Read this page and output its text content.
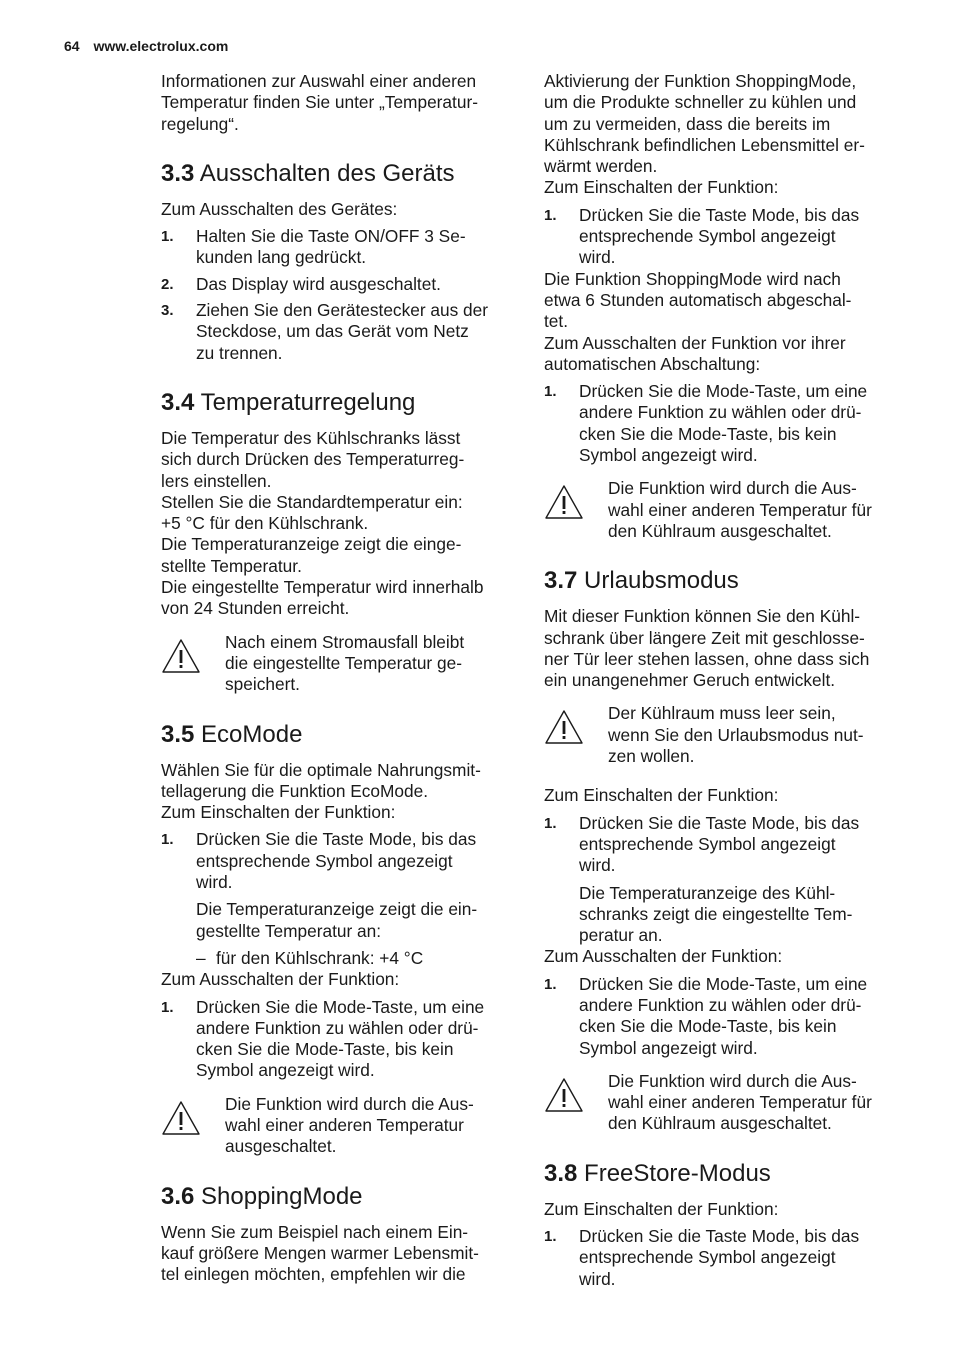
64 www.electrolux.com
Informationen zur Auswahl einer anderen
Temperatur finden Sie unter „Temperatur-
regelung“.
3.3 Ausschalten des Geräts
Zum Ausschalten des Gerätes:
1.	Halten Sie die Taste ON/OFF 3 Se-
kunden lang gedrückt.
2.	Das Display wird ausgeschaltet.
3.	Ziehen Sie den Gerätestecker aus der
Steckdose, um das Gerät vom Netz
zu trennen.
3.4 Temperaturregelung
Die Temperatur des Kühlschranks lässt
sich durch Drücken des Temperaturreg-
lers einstellen.
Stellen Sie die Standardtemperatur ein:
+5 °C für den Kühlschrank.
Die Temperaturanzeige zeigt die einge-
stellte Temperatur.
Die eingestellte Temperatur wird innerhalb
von 24 Stunden erreicht.
Nach einem Stromausfall bleibt
die eingestellte Temperatur ge-
speichert.
3.5 EcoMode
Wählen Sie für die optimale Nahrungsmit-
tellagerung die Funktion EcoMode.
Zum Einschalten der Funktion:
1.	Drücken Sie die Taste Mode, bis das
entsprechende Symbol angezeigt
wird.
Die Temperaturanzeige zeigt die ein-
gestellte Temperatur an:
– für den Kühlschrank: +4 °C
Zum Ausschalten der Funktion:
1.	Drücken Sie die Mode-Taste, um eine
andere Funktion zu wählen oder drü-
cken Sie die Mode-Taste, bis kein
Symbol angezeigt wird.
Die Funktion wird durch die Aus-
wahl einer anderen Temperatur
ausgeschaltet.
3.6 ShoppingMode
Wenn Sie zum Beispiel nach einem Ein-
kauf größere Mengen warmer Lebensmit-
tel einlegen möchten, empfehlen wir die
Aktivierung der Funktion ShoppingMode,
um die Produkte schneller zu kühlen und
um zu vermeiden, dass die bereits im
Kühlschrank befindlichen Lebensmittel er-
wärmt werden.
Zum Einschalten der Funktion:
1.	Drücken Sie die Taste Mode, bis das
entsprechende Symbol angezeigt
wird.
Die Funktion ShoppingMode wird nach
etwa 6 Stunden automatisch abgeschal-
tet.
Zum Ausschalten der Funktion vor ihrer
automatischen Abschaltung:
1.	Drücken Sie die Mode-Taste, um eine
andere Funktion zu wählen oder drü-
cken Sie die Mode-Taste, bis kein
Symbol angezeigt wird.
Die Funktion wird durch die Aus-
wahl einer anderen Temperatur für
den Kühlraum ausgeschaltet.
3.7 Urlaubsmodus
Mit dieser Funktion können Sie den Kühl-
schrank über längere Zeit mit geschlosse-
ner Tür leer stehen lassen, ohne dass sich
ein unangenehmer Geruch entwickelt.
Der Kühlraum muss leer sein,
wenn Sie den Urlaubsmodus nut-
zen wollen.
Zum Einschalten der Funktion:
1.	Drücken Sie die Taste Mode, bis das
entsprechende Symbol angezeigt
wird.
Die Temperaturanzeige des Kühl-
schranks zeigt die eingestellte Tem-
peratur an.
Zum Ausschalten der Funktion:
1.	Drücken Sie die Mode-Taste, um eine
andere Funktion zu wählen oder drü-
cken Sie die Mode-Taste, bis kein
Symbol angezeigt wird.
Die Funktion wird durch die Aus-
wahl einer anderen Temperatur für
den Kühlraum ausgeschaltet.
3.8 FreeStore-Modus
Zum Einschalten der Funktion:
1.	Drücken Sie die Taste Mode, bis das
entsprechende Symbol angezeigt
wird.
